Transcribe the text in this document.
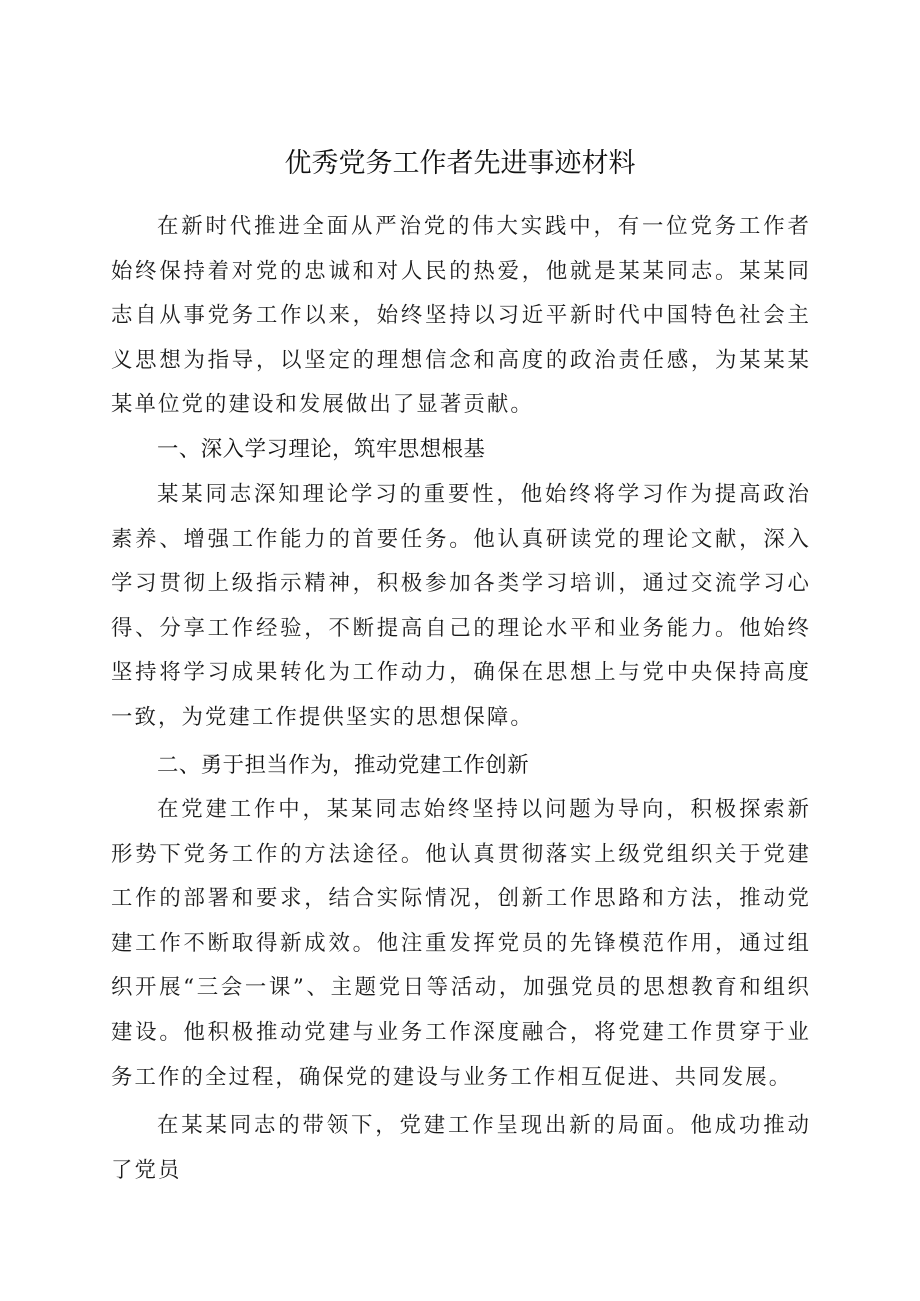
优秀党务工作者先进事迹材料

在新时代推进全面从严治党的伟大实践中，有一位党务工作者始终保持着对党的忠诚和对人民的热爱，他就是某某同志。某某同志自从事党务工作以来，始终坚持以习近平新时代中国特色社会主义思想为指导，以坚定的理想信念和高度的政治责任感，为某某某某单位党的建设和发展做出了显著贡献。

一、深入学习理论，筑牢思想根基

某某同志深知理论学习的重要性，他始终将学习作为提高政治素养、增强工作能力的首要任务。他认真研读党的理论文献，深入学习贯彻上级指示精神，积极参加各类学习培训，通过交流学习心得、分享工作经验，不断提高自己的理论水平和业务能力。他始终坚持将学习成果转化为工作动力，确保在思想上与党中央保持高度一致，为党建工作提供坚实的思想保障。

二、勇于担当作为，推动党建工作创新

在党建工作中，某某同志始终坚持以问题为导向，积极探索新形势下党务工作的方法途径。他认真贯彻落实上级党组织关于党建工作的部署和要求，结合实际情况，创新工作思路和方法，推动党建工作不断取得新成效。他注重发挥党员的先锋模范作用，通过组织开展“三会一课”、主题党日等活动，加强党员的思想教育和组织建设。他积极推动党建与业务工作深度融合，将党建工作贯穿于业务工作的全过程，确保党的建设与业务工作相互促进、共同发展。

在某某同志的带领下，党建工作呈现出新的局面。他成功推动了党员
